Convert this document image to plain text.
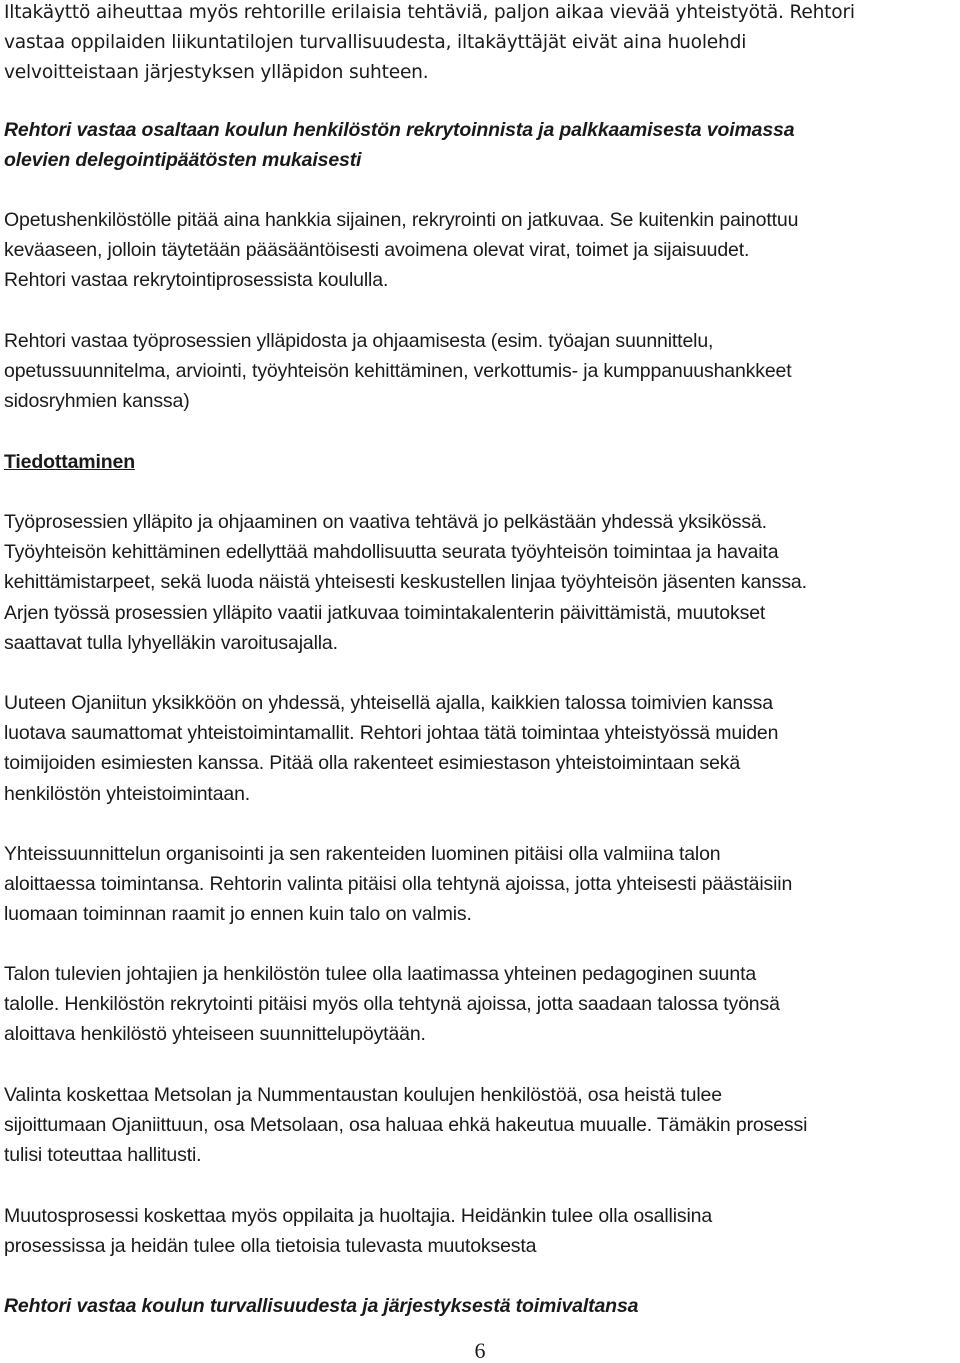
Iltakäyttö aiheuttaa myös rehtorille erilaisia tehtäviä, paljon aikaa vievää yhteistyötä. Rehtori
vastaa oppilaiden liikuntatilojen turvallisuudesta, iltakäyttäjät eivät aina huolehdi
velvoitteistaan järjestyksen ylläpidon suhteen.

Rehtori vastaa osaltaan koulun henkilöstön rekrytoinnista ja palkkaamisesta voimassa
olevien delegointipäätösten mukaisesti

Opetushenkilöstölle pitää aina hankkia sijainen, rekryrointi on jatkuvaa. Se kuitenkin painottuu
keväaseen, jolloin täytetään pääsääntöisesti avoimena olevat virat, toimet ja sijaisuudet.
Rehtori vastaa rekrytointiprosessista koululla.

Rehtori vastaa työprosessien ylläpidosta ja ohjaamisesta (esim. työajan suunnittelu,
opetussuunnitelma, arviointi, työyhteisön kehittäminen, verkottumis- ja kumppanuushankkeet
sidosryhmien kanssa)

Tiedottaminen

Työprosessien ylläpito ja ohjaaminen on vaativa tehtävä jo pelkästään yhdessä yksikössä.
Työyhteisön kehittäminen edellyttää mahdollisuutta seurata työyhteisön toimintaa ja havaita
kehittämistarpeet, sekä luoda näistä yhteisesti keskustellen linjaa työyhteisön jäsenten kanssa.
Arjen työssä prosessien ylläpito vaatii jatkuvaa toimintakalenterin päivittämistä, muutokset
saattavat tulla lyhyelläkin varoitusajalla.

Uuteen Ojaniitun yksikköön on yhdessä, yhteisellä ajalla, kaikkien talossa toimivien kanssa
luotava saumattomat yhteistoimintamallit. Rehtori johtaa tätä toimintaa yhteistyössä muiden
toimijoiden esimiesten kanssa. Pitää olla rakenteet esimiestason yhteistoimintaan sekä
henkilöstön yhteistoimintaan.

Yhteissuunnittelun organisointi ja sen rakenteiden luominen pitäisi olla valmiina talon
aloittaessa toimintansa. Rehtorin valinta pitäisi olla tehtynä ajoissa, jotta yhteisesti päästäisiin
luomaan toiminnan raamit jo ennen kuin talo on valmis.

Talon tulevien johtajien ja henkilöstön tulee olla laatimassa yhteinen pedagoginen suunta
talolle. Henkilöstön rekrytointi pitäisi myös olla tehtynä ajoissa, jotta saadaan talossa työnsä
aloittava henkilöstö yhteiseen suunnittelupöytään.

Valinta koskettaa Metsolan ja Nummentaustan koulujen henkilöstöä, osa heistä tulee
sijoittumaan Ojaniittuun, osa Metsolaan, osa haluaa ehkä hakeutua muualle. Tämäkin prosessi
tulisi toteuttaa hallitusti.

Muutosprosessi koskettaa myös oppilaita ja huoltajia. Heidänkin tulee olla osallisina
prosessissa ja heidän tulee olla tietoisia tulevasta muutoksesta

Rehtori vastaa koulun turvallisuudesta ja järjestyksestä toimivaltansa

6
